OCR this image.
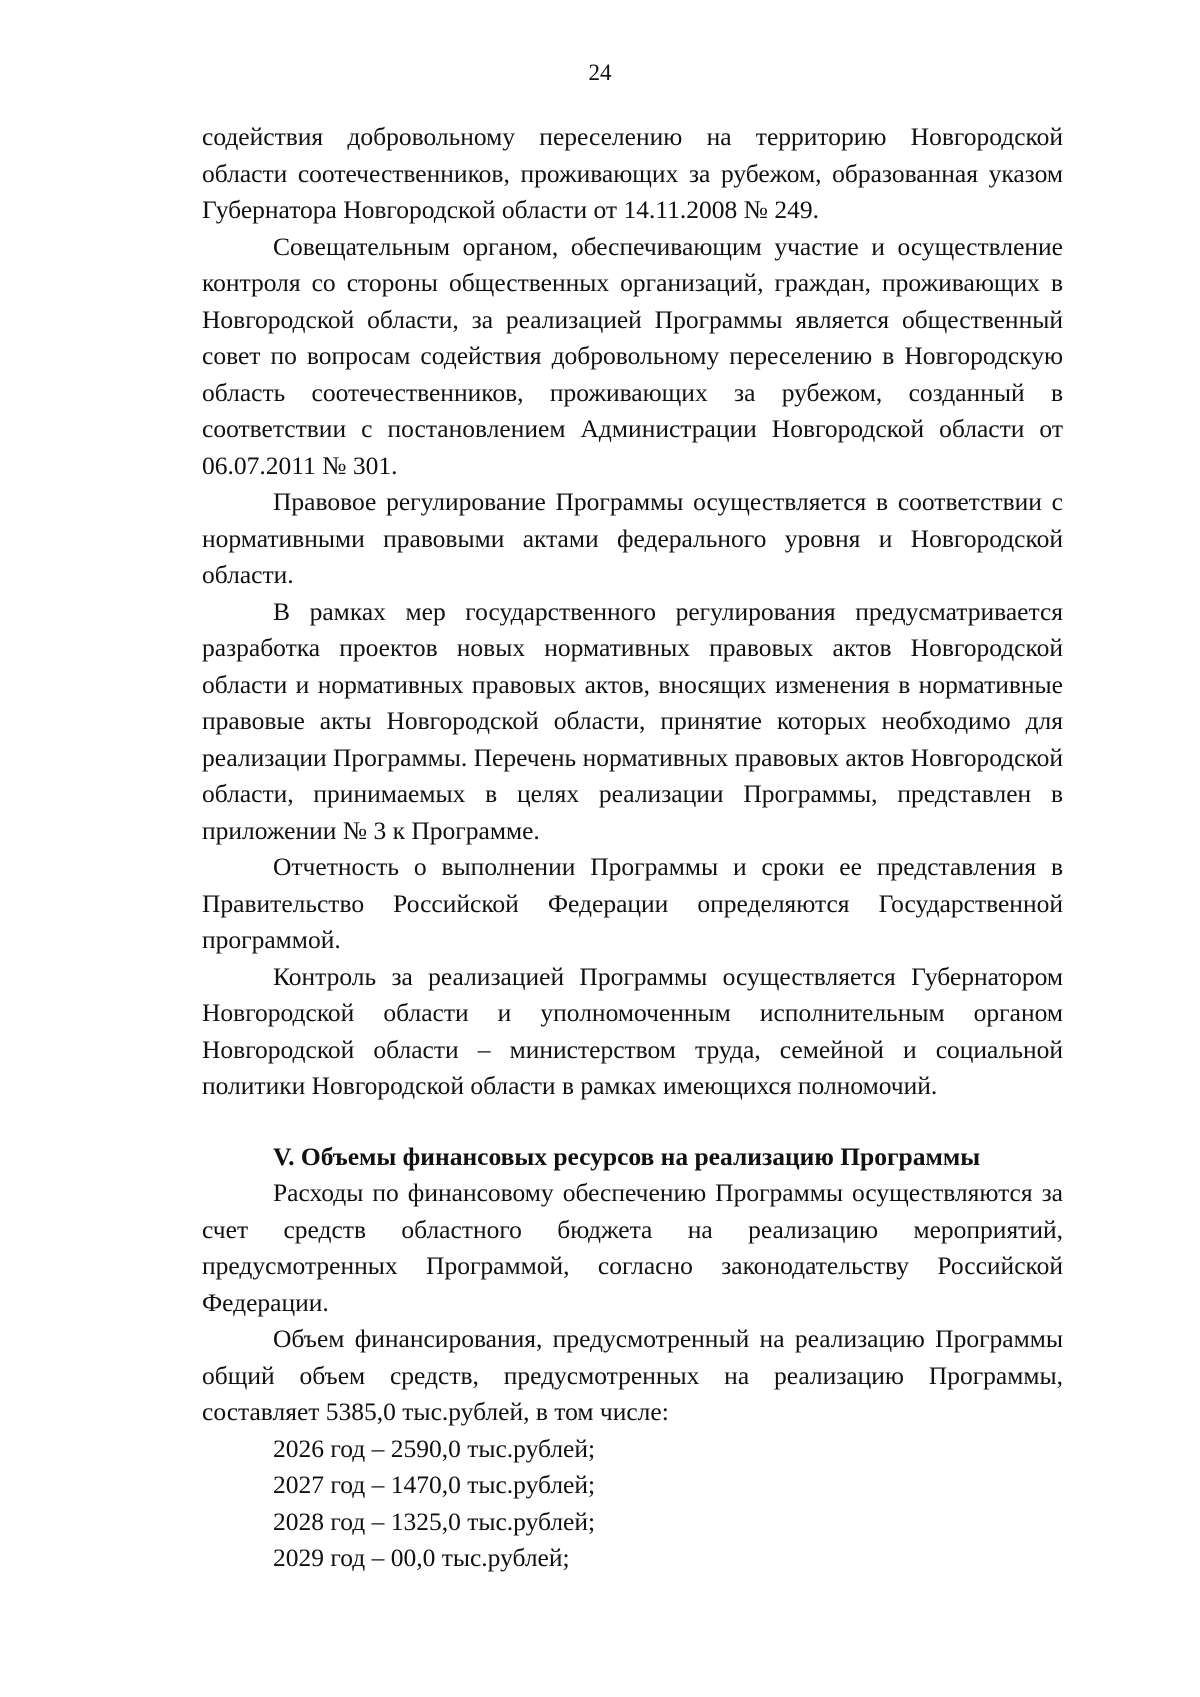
24

содействия добровольному переселению на территорию Новгородской области соотечественников, проживающих за рубежом, образованная указом Губернатора Новгородской области от 14.11.2008 № 249.

Совещательным органом, обеспечивающим участие и осуществление контроля со стороны общественных организаций, граждан, проживающих в Новгородской области, за реализацией Программы является общественный совет по вопросам содействия добровольному переселению в Новгородскую область соотечественников, проживающих за рубежом, созданный в соответствии с постановлением Администрации Новгородской области от 06.07.2011 № 301.

Правовое регулирование Программы осуществляется в соответствии с нормативными правовыми актами федерального уровня и Новгородской области.

В рамках мер государственного регулирования предусматривается разработка проектов новых нормативных правовых актов Новгородской области и нормативных правовых актов, вносящих изменения в нормативные правовые акты Новгородской области, принятие которых необходимо для реализации Программы. Перечень нормативных правовых актов Новгородской области, принимаемых в целях реализации Программы, представлен в приложении № 3 к Программе.

Отчетность о выполнении Программы и сроки ее представления в Правительство Российской Федерации определяются Государственной программой.

Контроль за реализацией Программы осуществляется Губернатором Новгородской области и уполномоченным исполнительным органом Новгородской области – министерством труда, семейной и социальной политики Новгородской области в рамках имеющихся полномочий.

V. Объемы финансовых ресурсов на реализацию Программы

Расходы по финансовому обеспечению Программы осуществляются за счет средств областного бюджета на реализацию мероприятий, предусмотренных Программой, согласно законодательству Российской Федерации.

Объем финансирования, предусмотренный на реализацию Программы общий объем средств, предусмотренных на реализацию Программы, составляет 5385,0 тыс.рублей, в том числе:

2026 год – 2590,0 тыс.рублей;
2027 год – 1470,0 тыс.рублей;
2028 год – 1325,0 тыс.рублей;
2029 год – 00,0 тыс.рублей;
